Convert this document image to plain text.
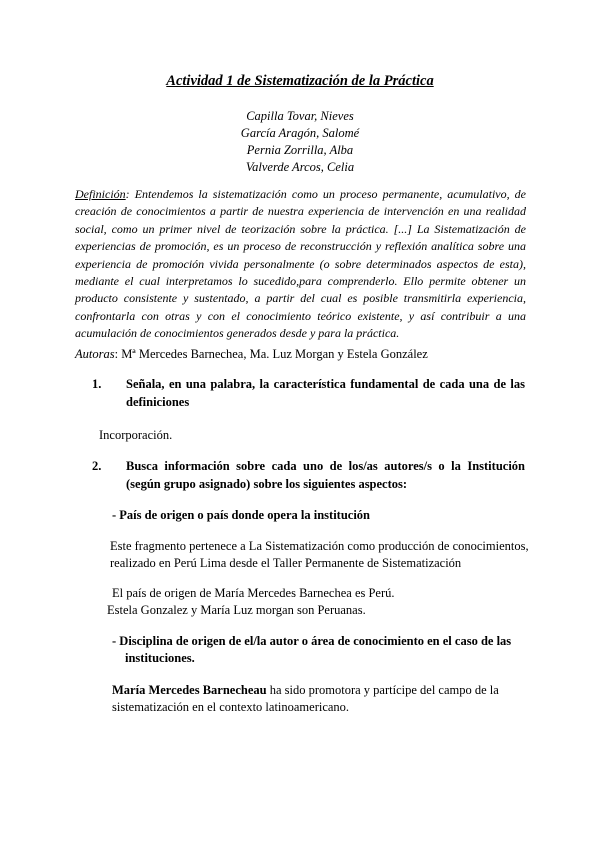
Actividad 1 de Sistematización de la Práctica
Capilla Tovar, Nieves
García Aragón, Salomé
Pernia Zorrilla, Alba
Valverde Arcos, Celia
Definición: Entendemos la sistematización como un proceso permanente, acumulativo, de creación de conocimientos a partir de nuestra experiencia de intervención en una realidad social, como un primer nivel de teorización sobre la práctica. [...] La Sistematización de experiencias de promoción, es un proceso de reconstrucción y reflexión analítica sobre una experiencia de promoción vivida personalmente (o sobre determinados aspectos de esta), mediante el cual interpretamos lo sucedido,para comprenderlo. Ello permite obtener un producto consistente y sustentado, a partir del cual es posible transmitirla experiencia, confrontarla con otras y con el conocimiento teórico existente, y así contribuir a una acumulación de conocimientos generados desde y para la práctica.
Autoras: Mª Mercedes Barnechea, Ma. Luz Morgan y Estela González
1.	Señala, en una palabra, la característica fundamental de cada una de las definiciones
Incorporación.
2.	Busca información sobre cada uno de los/as autores/s o la Institución (según grupo asignado) sobre los siguientes aspectos:
- País de origen o país donde opera la institución
Este fragmento pertenece a La Sistematización como producción de conocimientos,
realizado en Perú Lima desde el Taller Permanente de Sistematización
El país de origen de María Mercedes Barnechea es Perú.
Estela Gonzalez y María Luz morgan son Peruanas.
- Disciplina de origen de el/la autor o área de conocimiento en el caso de las
instituciones.
María Mercedes Barnecheau ha sido promotora y partícipe del campo de la
sistematización en el contexto latinoamericano.
